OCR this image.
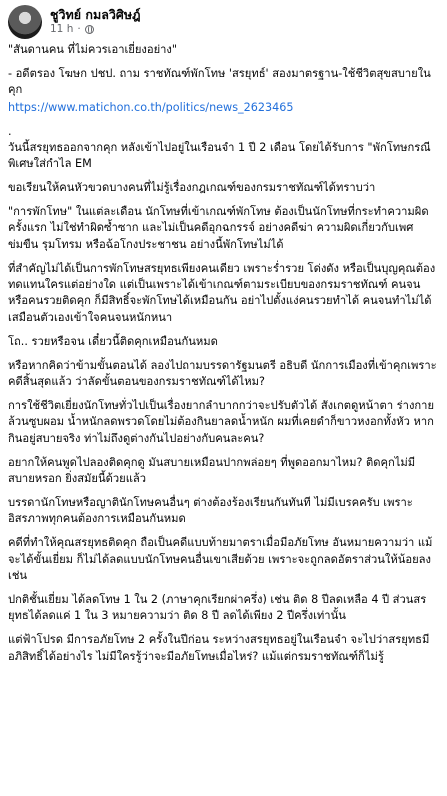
ชูวิทย์ กมลวิศิษฎ์
11 h ·

"สันดานคน ที่ไม่ควรเอาเยี่ยงอย่าง"

- อดีตรอง โฆษก ปชป. ถาม ราชทัณฑ์พักโทษ 'สรยุทธ์' สองมาตรฐาน-ใช้ชีวิตสุขสบายในคุก

https://www.matichon.co.th/politics/news_2623465

.

วันนี้สรยุทธออกจากคุก หลังเข้าไปอยู่ในเรือนจำ 1 ปี 2 เดือน โดยได้รับการ "พักโทษกรณีพิเศษใส่กำไล EM

ขอเรียนให้คนหัวขวดบางคนที่ไม่รู้เรื่องกฎเกณฑ์ของกรมราชทัณฑ์ได้ทราบว่า

"การพักโทษ" ในแต่ละเดือน นักโทษที่เข้าเกณฑ์พักโทษ ต้องเป็นนักโทษที่กระทำความผิดครั้งแรก ไม่ใช่ทำผิดซ้ำซาก และไม่เป็นคดีอุกฉกรรจ์ อย่างคดีฆ่า ความผิดเกี่ยวกับเพศ ข่มขืน รุมโทรม หรือฉ้อโกงประชาชน อย่างนี้พักโทษไม่ได้

ที่สำคัญไม่ได้เป็นการพักโทษสรยุทธเพียงคนเดียว เพราะร่ำรวย โด่งดัง หรือเป็นบุญคุณต้องทดแทนใครแต่อย่างใด แต่เป็นเพราะได้เข้าเกณฑ์ตามระเบียบของกรมราชทัณฑ์ คนจนหรือคนรวยติดคุก ก็มีสิทธิ์จะพักโทษได้เหมือนกัน อย่าไปตั้งแง่คนรวยทำได้ คนจนทำไม่ได้ เสมือนตัวเองเข้าใจคนจนหนักหนา

โถ.. รวยหรือจน เดี๋ยวนี้ติดคุกเหมือนกันหมด

หรือหากคิดว่าข้ามขั้นตอนได้ ลองไปถามบรรดารัฐมนตรี อธิบดี นักการเมืองที่เข้าคุกเพราะคดีสิ้นสุดแล้ว ว่าลัดขั้นตอนของกรมราชทัณฑ์ได้ไหม?

การใช้ชีวิตเยี่ยงนักโทษทั่วไปเป็นเรื่องยากลำบากกว่าจะปรับตัวได้ สังเกตดูหน้าตา ร่างกาย ล้วนซูบผอม น้ำหนักลดพรวดโดยไม่ต้องกินยาลดน้ำหนัก ผมที่เคยดำก็ขาวหงอกทั้งหัว หากกินอยู่สบายจริง ท่าไม่ถึงดูต่างกันไปอย่างกับคนละคน?

อยากให้คนพูดไปลองติดคุกดู มันสบายเหมือนปากพล่อยๆ ที่พูดออกมาไหม? ติดคุกไม่มีสบายหรอก ยิ่งสมัยนี้ด้วยแล้ว

บรรดานักโทษหรือญาตินักโทษคนอื่นๆ ต่างต้องร้องเรียนกันทันที ไม่มีเบรคครับ เพราะอิสรภาพทุกคนต้องการเหมือนกันหมด

คดีที่ทำให้คุณสรยุทธติดคุก ถือเป็นคดีแบบท้ายมาตราเมื่อมีอภัยโทษ อันหมายความว่า แม้จะได้ขั้นเยี่ยม ก็ไม่ได้ลดแบบนักโทษคนอื่นเขาเสียด้วย เพราะจะถูกลดอัตราส่วนให้น้อยลง เช่น

ปกติชั้นเยี่ยม ได้ลดโทษ 1 ใน 2 (ภาษาคุกเรียกผ่าครึ่ง) เช่น ติด 8 ปีลดเหลือ 4 ปี ส่วนสรยุทธได้ลดแค่ 1 ใน 3 หมายความว่า ติด 8 ปี ลดได้เพียง 2 ปีครึ่งเท่านั้น

แต่ฟ้าโปรด มีการอภัยโทษ 2 ครั้งในปีก่อน ระหว่างสรยุทธอยู่ในเรือนจำ จะไปว่าสรยุทธมีอภิสิทธิ์ได้อย่างไร ไม่มีใครรู้ว่าจะมีอภัยโทษเมื่อไหร่? แม้แต่กรมราชทัณฑ์ก็ไม่รู้
